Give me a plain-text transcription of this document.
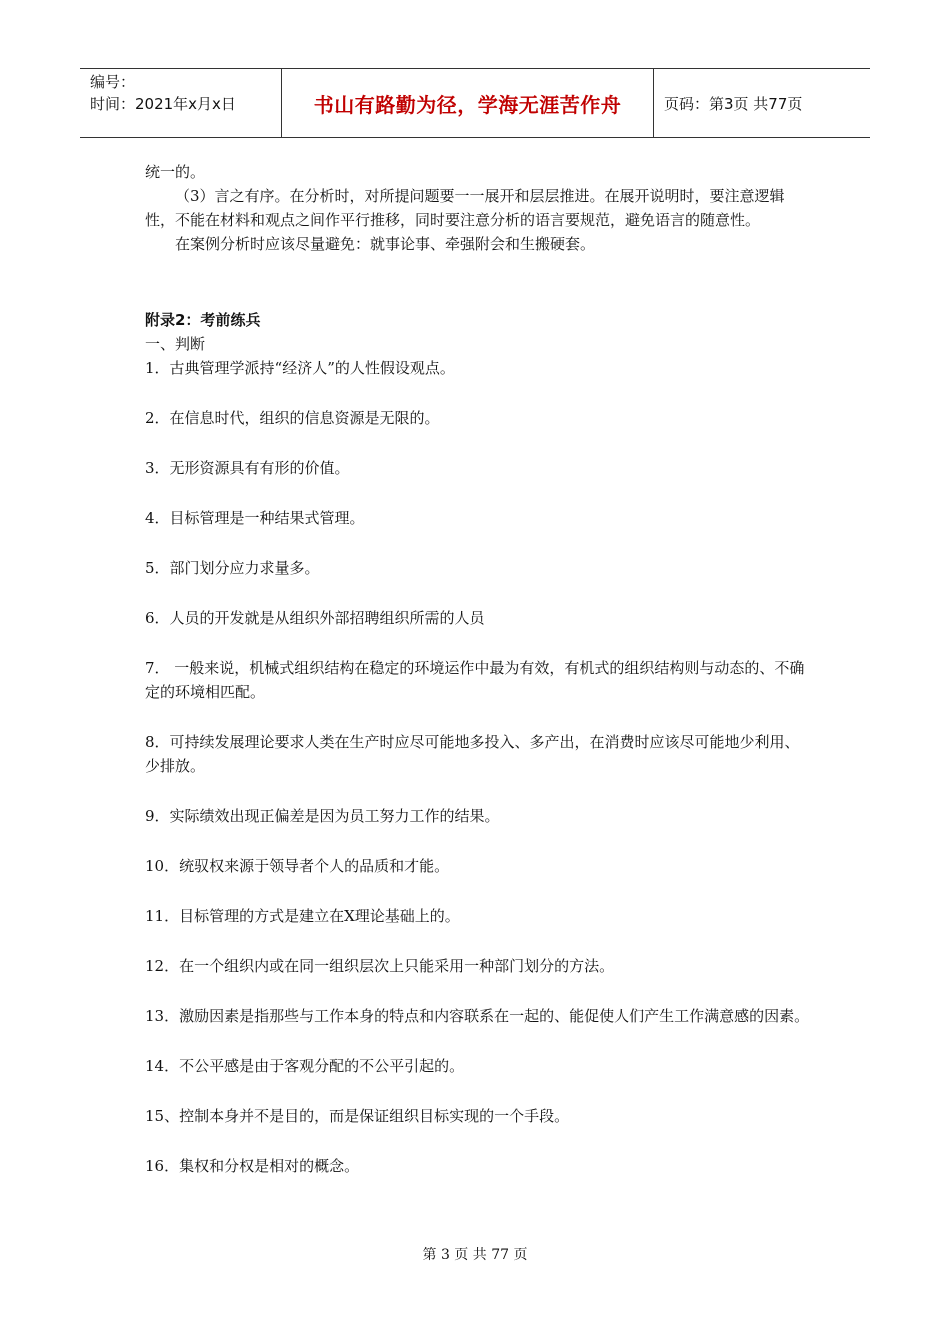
编号：
时间：2021年x月x日	书山有路勤为径，学海无涯苦作舟	页码：第3页 共77页

统一的。

（3）言之有序。在分析时，对所提问题要一一展开和层层推进。在展开说明时，要注意逻辑性，不能在材料和观点之间作平行推移，同时要注意分析的语言要规范，避免语言的随意性。

在案例分析时应该尽量避免：就事论事、牵强附会和生搬硬套。

附录2：考前练兵

一、判断

1．古典管理学派持“经济人”的人性假设观点。

2．在信息时代，组织的信息资源是无限的。

3．无形资源具有有形的价值。

4．目标管理是一种结果式管理。

5．部门划分应力求量多。

6．人员的开发就是从组织外部招聘组织所需的人员

7． 一般来说，机械式组织结构在稳定的环境运作中最为有效，有机式的组织结构则与动态的、不确定的环境相匹配。

8．可持续发展理论要求人类在生产时应尽可能地多投入、多产出，在消费时应该尽可能地少利用、少排放。

9．实际绩效出现正偏差是因为员工努力工作的结果。

10．统驭权来源于领导者个人的品质和才能。

11．目标管理的方式是建立在X理论基础上的。

12．在一个组织内或在同一组织层次上只能采用一种部门划分的方法。

13．激励因素是指那些与工作本身的特点和内容联系在一起的、能促使人们产生工作满意感的因素。

14．不公平感是由于客观分配的不公平引起的。

15、控制本身并不是目的，而是保证组织目标实现的一个手段。

16．集权和分权是相对的概念。

第 3 页 共 77 页
